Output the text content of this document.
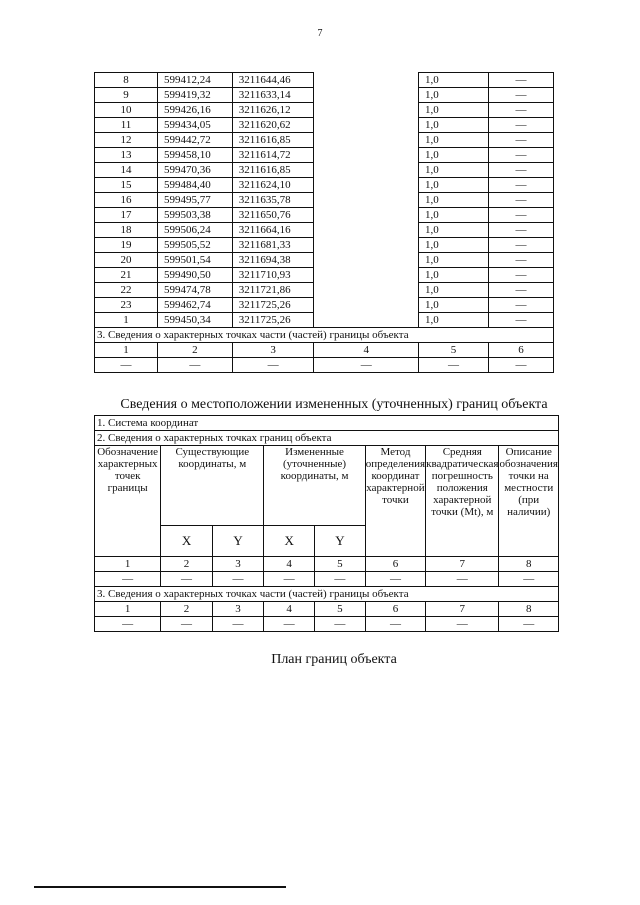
7
8	599412,24	3211644,46		1,0	—
9	599419,32	3211633,14		1,0	—
10	599426,16	3211626,12		1,0	—
11	599434,05	3211620,62		1,0	—
12	599442,72	3211616,85		1,0	—
13	599458,10	3211614,72		1,0	—
14	599470,36	3211616,85		1,0	—
15	599484,40	3211624,10		1,0	—
16	599495,77	3211635,78		1,0	—
17	599503,38	3211650,76		1,0	—
18	599506,24	3211664,16		1,0	—
19	599505,52	3211681,33		1,0	—
20	599501,54	3211694,38		1,0	—
21	599490,50	3211710,93		1,0	—
22	599474,78	3211721,86		1,0	—
23	599462,74	3211725,26		1,0	—
1	599450,34	3211725,26		1,0	—
3. Сведения о характерных точках части (частей) границы объекта					
1	2	3	4	5	6
—	—	—	—	—	—
Сведения о местоположении измененных (уточненных) границ объекта
1. Система координат							
2. Сведения о характерных точках границ объекта							
Обозначение характерных точек границы	Существующие координаты, м		Измененные (уточненные) координаты, м		Метод определения координат характерной точки	Средняя квадратическая погрешность положения характерной точки (Mt), м	Описание обозначения точки на местности (при наличии)
	X	Y	X	Y			
1	2	3	4	5	6	7	8
—	—	—	—	—	—	—	—
3. Сведения о характерных точках части (частей) границы объекта							
1	2	3	4	5	6	7	8
—	—	—	—	—	—	—	—
План границ объекта
